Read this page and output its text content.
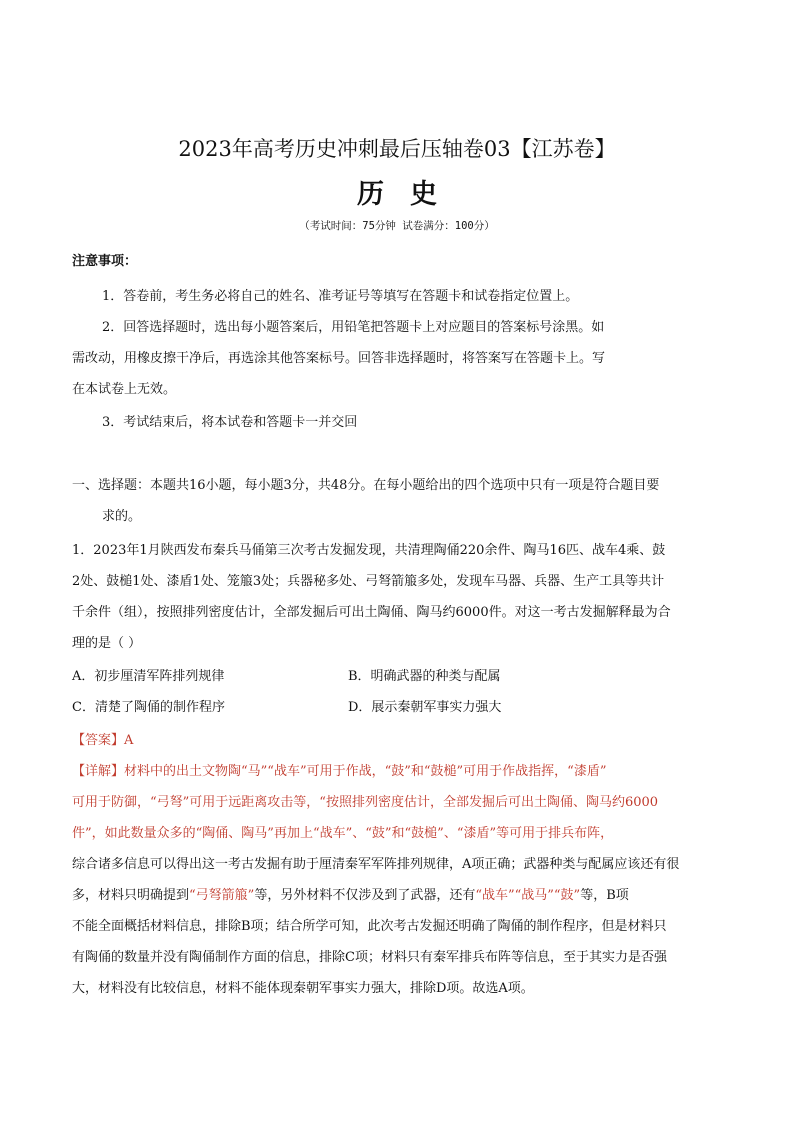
2023年高考历史冲刺最后压轴卷03【江苏卷】
历史
（考试时间：75分钟 试卷满分：100分）
注意事项：
1．答卷前，考生务必将自己的姓名、准考证号等填写在答题卡和试卷指定位置上。
2．回答选择题时，选出每小题答案后，用铅笔把答题卡上对应题目的答案标号涂黑。如
需改动，用橡皮擦干净后，再选涂其他答案标号。回答非选择题时，将答案写在答题卡上。写
在本试卷上无效。
3．考试结束后，将本试卷和答题卡一并交回
一、选择题：本题共16小题，每小题3分，共48分。在每小题给出的四个选项中只有一项是符合题目要
求的。
1．2023年1月陕西发布秦兵马俑第三次考古发掘发现，共清理陶俑220余件、陶马16匹、战车4乘、鼓
2处、鼓槌1处、漆盾1处、笼箙3处；兵器秘多处、弓弩箭箙多处，发现车马器、兵器、生产工具等共计
千余件（组），按照排列密度估计，全部发掘后可出土陶俑、陶马约6000件。对这一考古发掘解释最为合
理的是（ ）
A．初步厘清军阵排列规律	B．明确武器的种类与配属
C．清楚了陶俑的制作程序	D．展示秦朝军事实力强大
【答案】A
【详解】材料中的出土文物陶“马”“战车”可用于作战，“鼓”和“鼓槌”可用于作战指挥，“漆盾”
可用于防御，“弓弩”可用于远距离攻击等，“按照排列密度估计，全部发掘后可出土陶俑、陶马约6000
件”，如此数量众多的“陶俑、陶马”再加上“战车”、“鼓”和“鼓槌”、“漆盾”等可用于排兵布阵，
综合诸多信息可以得出这一考古发掘有助于厘清秦军军阵排列规律，A项正确；武器种类与配属应该还有很
多，材料只明确提到“弓弩箭箙”等，另外材料不仅涉及到了武器，还有“战车”“战马”“鼓”等，B项
不能全面概括材料信息，排除B项；结合所学可知，此次考古发掘还明确了陶俑的制作程序，但是材料只
有陶俑的数量并没有陶俑制作方面的信息，排除C项；材料只有秦军排兵布阵等信息，至于其实力是否强
大，材料没有比较信息，材料不能体现秦朝军事实力强大，排除D项。故选A项。
